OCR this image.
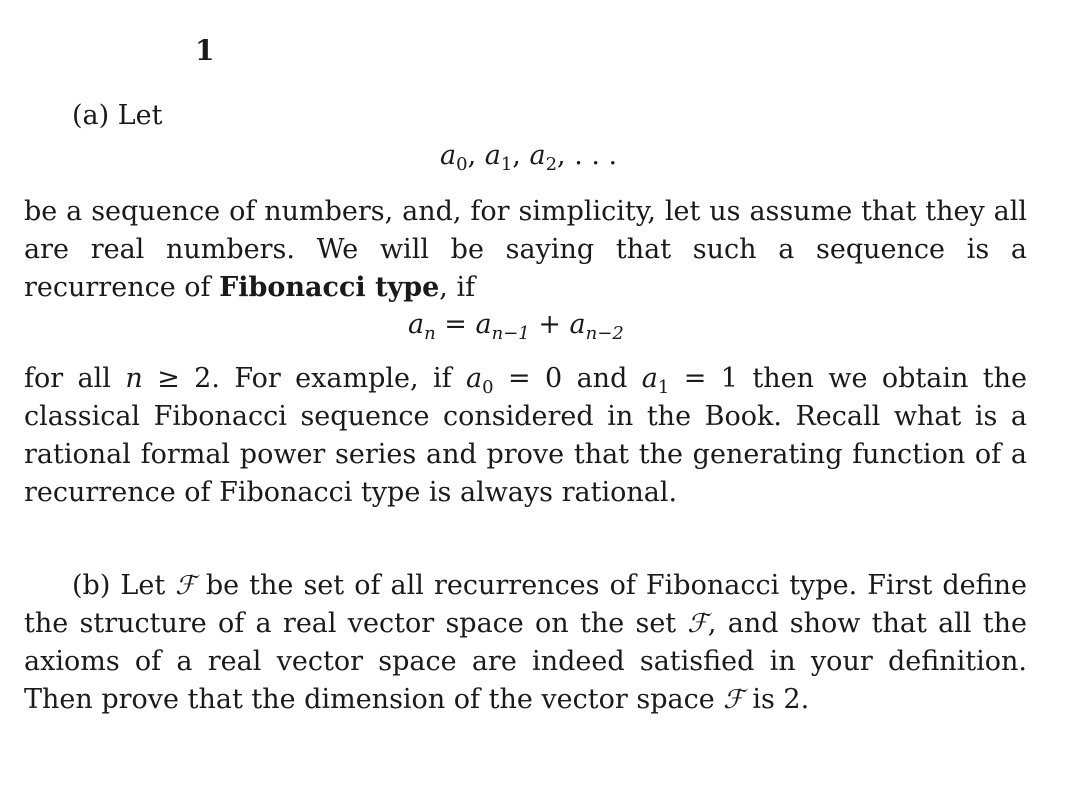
1
(a) Let
$a_0$, $a_1$, $a_2$, . . .
be a sequence of numbers, and, for simplicity, let us assume that they all are real numbers. We will be saying that such a sequence is a recurrence of Fibonacci type, if
$a_n = a_{n-1} + a_{n-2}$
for all n ≥ 2. For example, if $a_0 = 0$ and $a_1 = 1$ then we obtain the classical Fibonacci sequence considered in the Book. Recall what is a rational formal power series and prove that the generating function of a recurrence of Fibonacci type is always rational.
(b) Let ℱ be the set of all recurrences of Fibonacci type. First define the structure of a real vector space on the set ℱ, and show that all the axioms of a real vector space are indeed satisfied in your definition. Then prove that the dimension of the vector space ℱ is 2.
